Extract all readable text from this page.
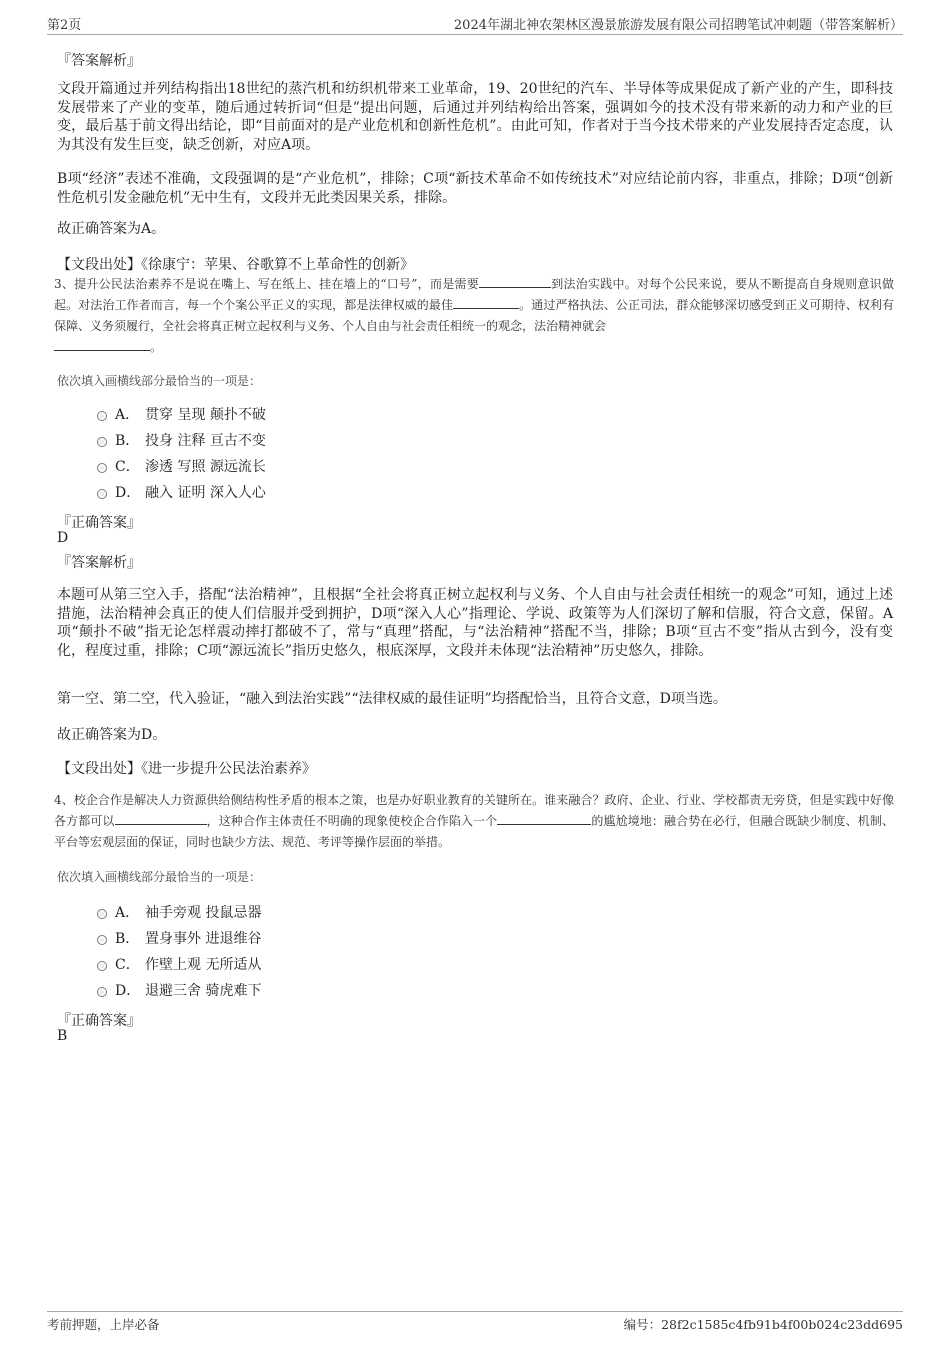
第2页	2024年湖北神农架林区漫景旅游发展有限公司招聘笔试冲刺题（带答案解析）
『答案解析』
文段开篇通过并列结构指出18世纪的蒸汽机和纺织机带来工业革命，19、20世纪的汽车、半导体等成果促成了新产业的产生，即科技发展带来了产业的变革，随后通过转折词“但是”提出问题，后通过并列结构给出答案，强调如今的技术没有带来新的动力和产业的巨变，最后基于前文得出结论，即“目前面对的是产业危机和创新性危机”。由此可知，作者对于当今技术带来的产业发展持否定态度，认为其没有发生巨变，缺乏创新，对应A项。
B项“经济”表述不准确，文段强调的是“产业危机”，排除；C项“新技术革命不如传统技术”对应结论前内容，非重点，排除；D项“创新性危机引发金融危机”无中生有，文段并无此类因果关系，排除。
故正确答案为A。
【文段出处】《徐康宁：苹果、谷歌算不上革命性的创新》
3、提升公民法治素养不是说在嘴上、写在纸上、挂在墙上的“口号”，而是需要	到法治实践中。对每个公民来说，要从不断提高自身规则意识做起。对法治工作者而言，每一个个案公平正义的实现，都是法律权威的最佳	。通过严格执法、公正司法，群众能够深切感受到正义可期待、权利有保障、义务须履行，全社会将真正树立起权利与义务、个人自由与社会责任相统一的观念，法治精神就会
。
依次填入画横线部分最恰当的一项是：
A． 贯穿 呈现 颠扑不破
B． 投身 注释 亘古不变
C． 渗透 写照 源远流长
D． 融入 证明 深入人心
『正确答案』
D
『答案解析』
本题可从第三空入手，搭配“法治精神”，且根据“全社会将真正树立起权利与义务、个人自由与社会责任相统一的观念”可知，通过上述措施，法治精神会真正的使人们信服并受到拥护，D项“深入人心”指理论、学说、政策等为人们深切了解和信服，符合文意，保留。A项“颠扑不破”指无论怎样震动摔打都破不了，常与“真理”搭配，与“法治精神”搭配不当，排除；B项“亘古不变”指从古到今，没有变化，程度过重，排除；C项“源远流长”指历史悠久，根底深厚，文段并未体现“法治精神”历史悠久，排除。
第一空、第二空，代入验证，“融入到法治实践”“法律权威的最佳证明”均搭配恰当，且符合文意，D项当选。
故正确答案为D。
【文段出处】《进一步提升公民法治素养》
4、校企合作是解决人力资源供给侧结构性矛盾的根本之策，也是办好职业教育的关键所在。谁来融合？政府、企业、行业、学校都责无旁贷，但是实践中好像各方都可以	，这种合作主体责任不明确的现象使校企合作陷入一个	的尴尬境地：融合势在必行，但融合既缺少制度、机制、平台等宏观层面的保证，同时也缺少方法、规范、考评等操作层面的举措。
依次填入画横线部分最恰当的一项是：
A． 袖手旁观 投鼠忌器
B． 置身事外 进退维谷
C． 作壁上观 无所适从
D． 退避三舍 骑虎难下
『正确答案』
B
考前押题，上岸必备	编号：28f2c1585c4fb91b4f00b024c23dd695
